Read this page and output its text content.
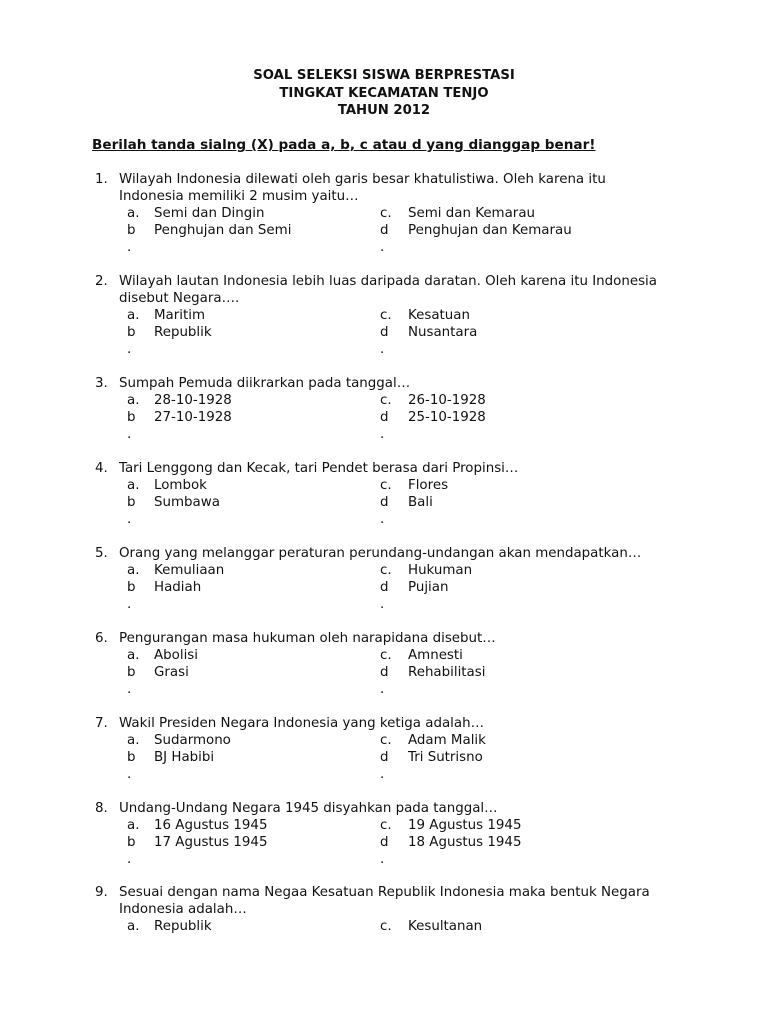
SOAL SELEKSI SISWA BERPRESTASI
TINGKAT KECAMATAN TENJO
TAHUN 2012
Berilah tanda sialng (X) pada a, b, c atau d yang dianggap benar!
1. Wilayah Indonesia dilewati oleh garis besar khatulistiwa. Oleh karena itu
Indonesia memiliki 2 musim yaitu…
a. Semi dan Dingin	c. Semi dan Kemarau
b Penghujan dan Semi	d Penghujan dan Kemarau
.	.
2. Wilayah lautan Indonesia lebih luas daripada daratan. Oleh karena itu Indonesia
disebut Negara….
a. Maritim	c. Kesatuan
b Republik	d Nusantara
.	.
3. Sumpah Pemuda diikrarkan pada tanggal…
a. 28-10-1928	c. 26-10-1928
b 27-10-1928	d 25-10-1928
.	.
4. Tari Lenggong dan Kecak, tari Pendet berasa dari Propinsi…
a. Lombok	c. Flores
b Sumbawa	d Bali
.	.
5. Orang yang melanggar peraturan perundang-undangan akan mendapatkan…
a. Kemuliaan	c. Hukuman
b Hadiah	d Pujian
.	.
6. Pengurangan masa hukuman oleh narapidana disebut…
a. Abolisi	c. Amnesti
b Grasi	d Rehabilitasi
.	.
7. Wakil Presiden Negara Indonesia yang ketiga adalah…
a. Sudarmono	c. Adam Malik
b BJ Habibi	d Tri Sutrisno
.	.
8. Undang-Undang Negara 1945 disyahkan pada tanggal…
a. 16 Agustus 1945	c. 19 Agustus 1945
b 17 Agustus 1945	d 18 Agustus 1945
.	.
9. Sesuai dengan nama Negaa Kesatuan Republik Indonesia maka bentuk Negara
Indonesia adalah…
a. Republik	c. Kesultanan
